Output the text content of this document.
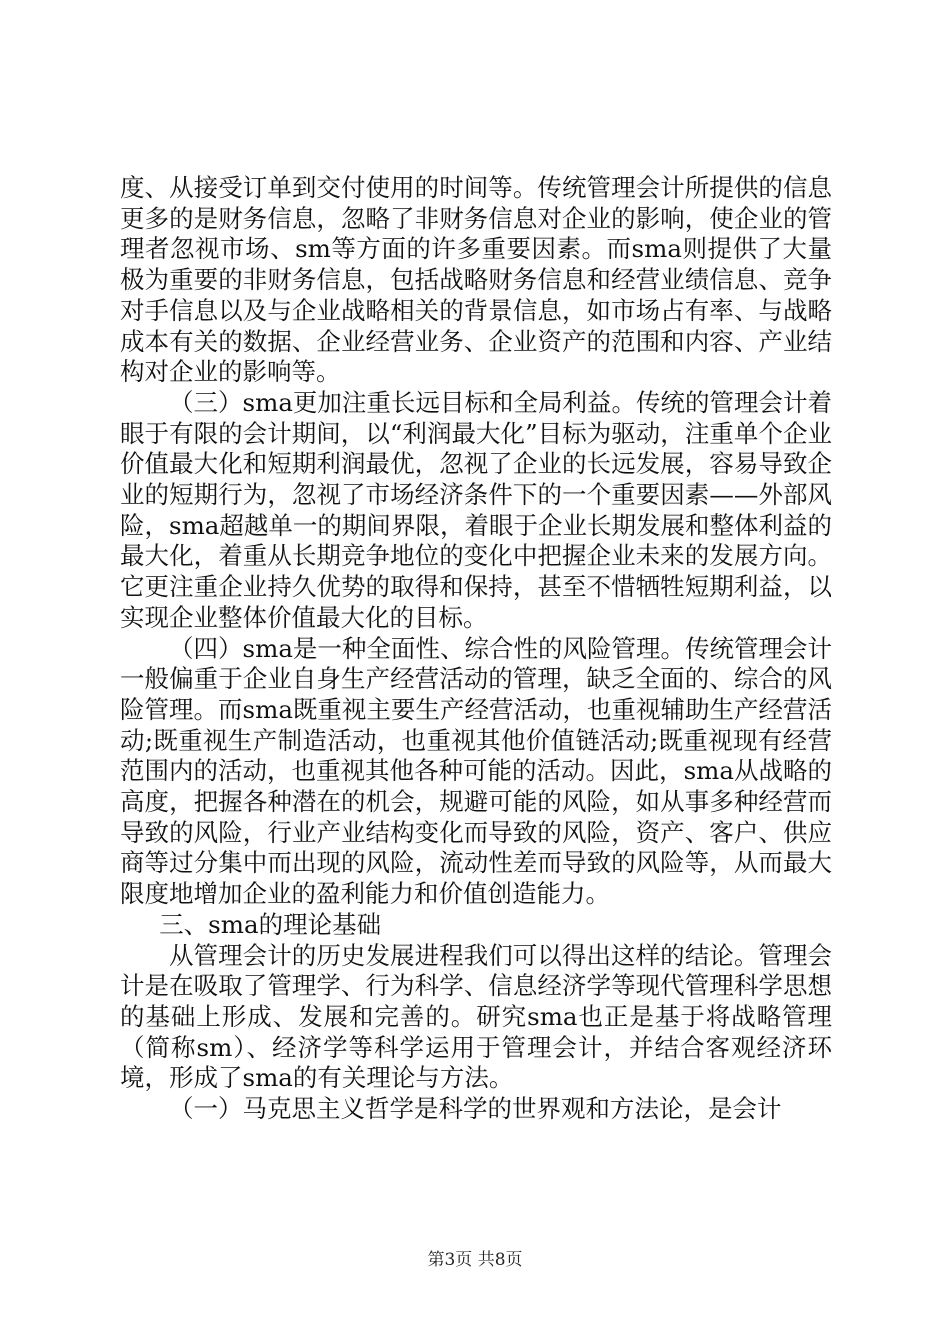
度、从接受订单到交付使用的时间等。传统管理会计所提供的信息更多的是财务信息，忽略了非财务信息对企业的影响，使企业的管理者忽视市场、sm等方面的许多重要因素。而sma则提供了大量极为重要的非财务信息，包括战略财务信息和经营业绩信息、竞争对手信息以及与企业战略相关的背景信息，如市场占有率、与战略成本有关的数据、企业经营业务、企业资产的范围和内容、产业结构对企业的影响等。

（三）sma更加注重长远目标和全局利益。传统的管理会计着眼于有限的会计期间，以“利润最大化”目标为驱动，注重单个企业价值最大化和短期利润最优，忽视了企业的长远发展，容易导致企业的短期行为，忽视了市场经济条件下的一个重要因素——外部风险，sma超越单一的期间界限，着眼于企业长期发展和整体利益的最大化，着重从长期竞争地位的变化中把握企业未来的发展方向。它更注重企业持久优势的取得和保持，甚至不惜牺牲短期利益，以实现企业整体价值最大化的目标。

（四）sma是一种全面性、综合性的风险管理。传统管理会计一般偏重于企业自身生产经营活动的管理，缺乏全面的、综合的风险管理。而sma既重视主要生产经营活动，也重视辅助生产经营活动;既重视生产制造活动，也重视其他价值链活动;既重视现有经营范围内的活动，也重视其他各种可能的活动。因此，sma从战略的高度，把握各种潜在的机会，规避可能的风险，如从事多种经营而导致的风险，行业产业结构变化而导致的风险，资产、客户、供应商等过分集中而出现的风险，流动性差而导致的风险等，从而最大限度地增加企业的盈利能力和价值创造能力。

三、sma的理论基础

从管理会计的历史发展进程我们可以得出这样的结论。管理会计是在吸取了管理学、行为科学、信息经济学等现代管理科学思想的基础上形成、发展和完善的。研究sma也正是基于将战略管理（简称sm）、经济学等科学运用于管理会计，并结合客观经济环境，形成了sma的有关理论与方法。

（一）马克思主义哲学是科学的世界观和方法论，是会计

第3页 共8页
